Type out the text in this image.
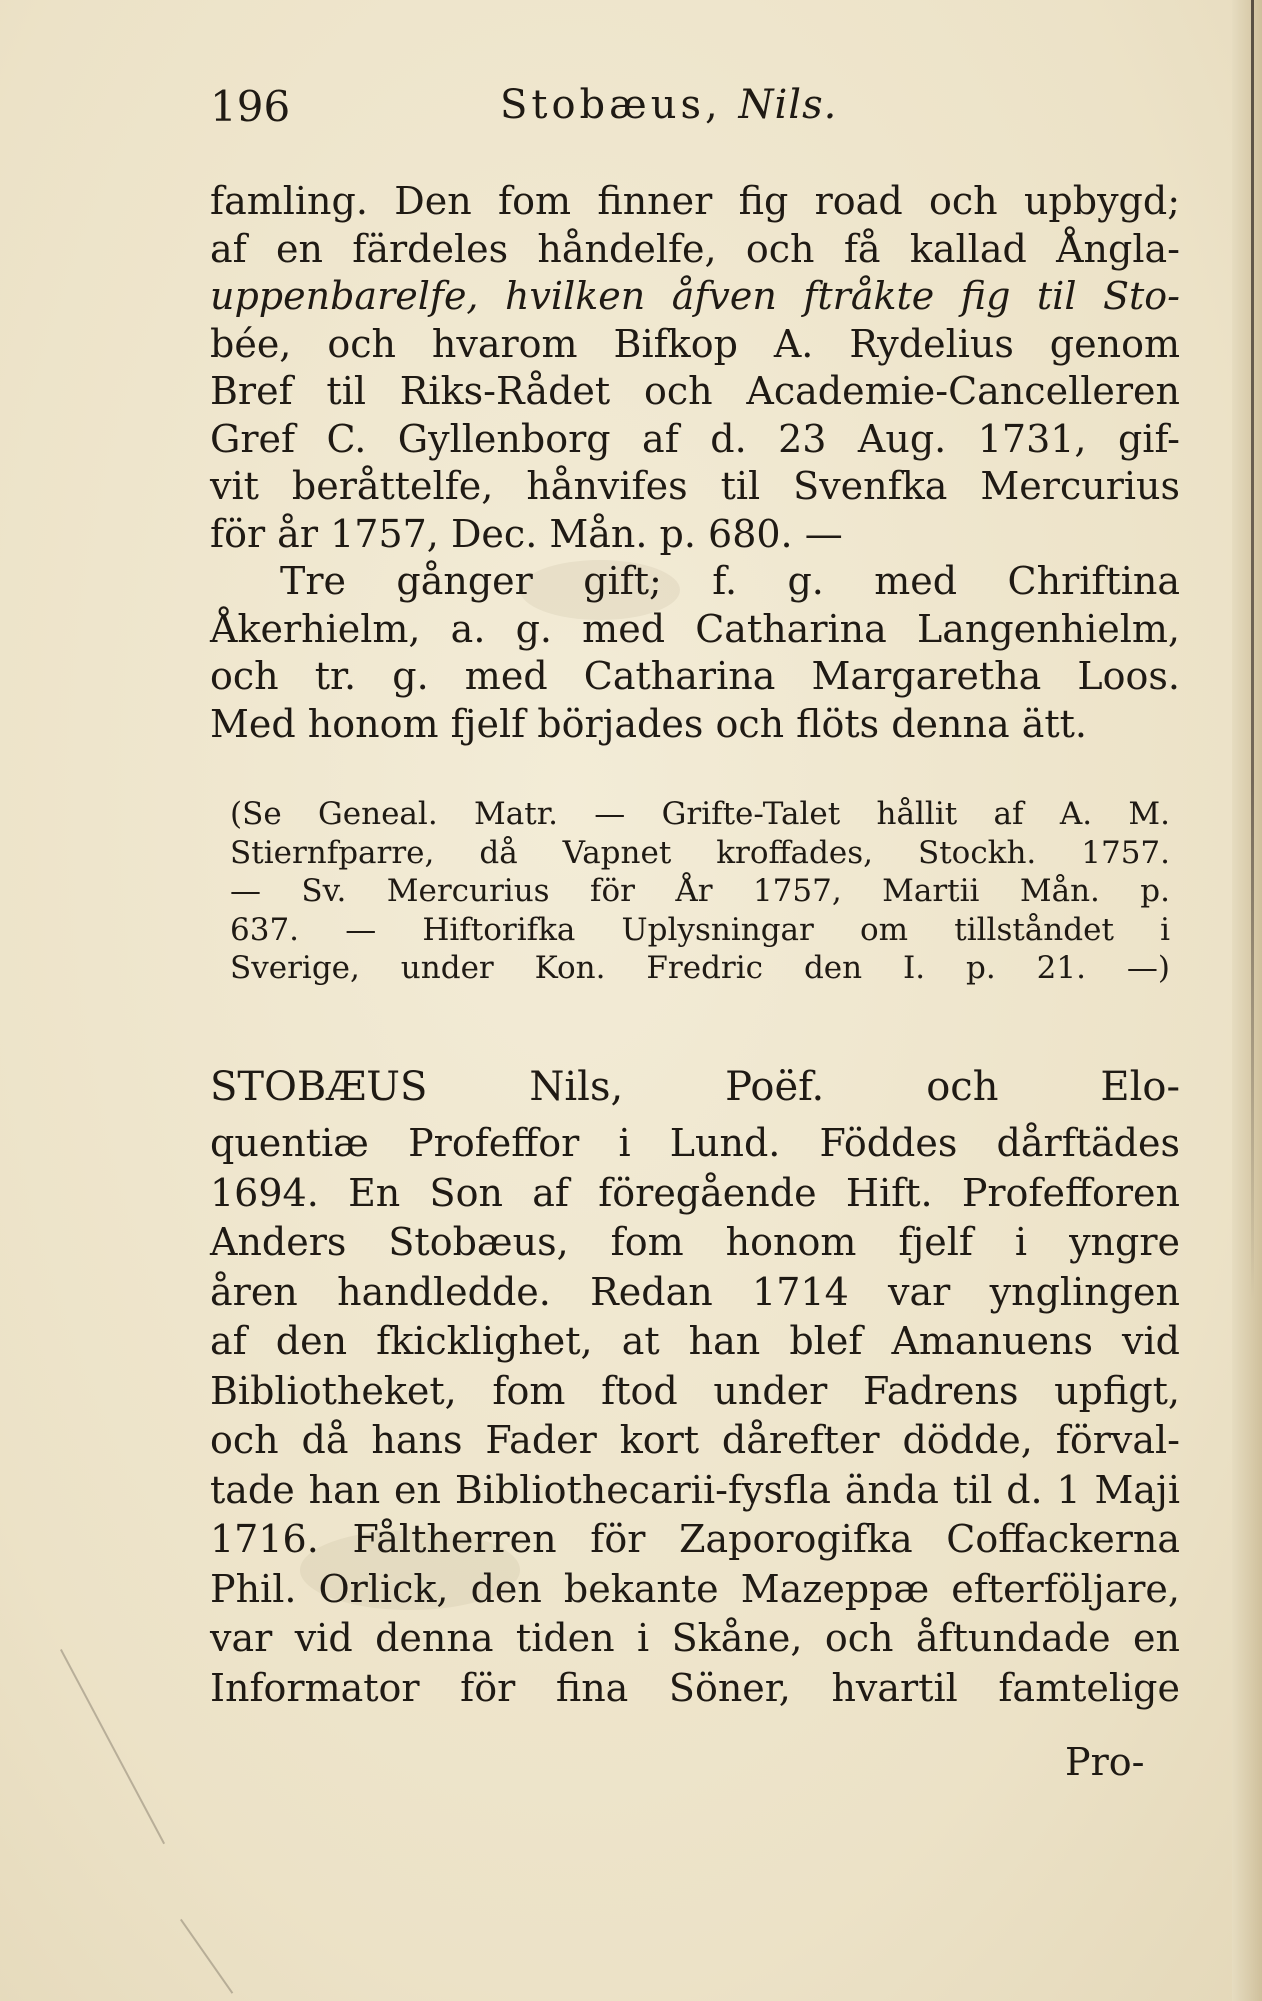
196	Stobæus, Nils.
famling. Den fom finner fig road och upbygd;
af en färdeles håndelfe, och få kallad Ångla-
uppenbarelfe, hvilken åfven ftråkte fig til Sto-
bée, och hvarom Bifkop A. Rydelius genom
Bref til Riks-Rådet och Academie-Cancelleren
Gref C. Gyllenborg af d. 23 Aug. 1731, gif-
vit beråttelfe, hånvifes til Svenfka Mercurius
för år 1757, Dec. Mån. p. 680. —
Tre gånger gift; f. g. med Chriftina
Åkerhielm, a. g. med Catharina Langenhielm,
och tr. g. med Catharina Margaretha Loos.
Med honom fjelf börjades och flöts denna ätt.
(Se Geneal. Matr. — Grifte-Talet hållit af A. M.
Stiernfparre, då Vapnet kroffades, Stockh. 1757.
— Sv. Mercurius för År 1757, Martii Mån. p.
637. — Hiftorifka Uplysningar om tillståndet i
Sverige, under Kon. Fredric den I. p. 21. —)
STOBÆUS Nils, Poëf. och Elo-
quentiæ Profeffor i Lund. Föddes dårftädes
1694. En Son af föregående Hift. Profefforen
Anders Stobæus, fom honom fjelf i yngre
åren handledde. Redan 1714 var ynglingen
af den fkicklighet, at han blef Amanuens vid
Bibliotheket, fom ftod under Fadrens upfigt,
och då hans Fader kort dårefter dödde, förval-
tade han en Bibliothecarii-fysfla ända til d. 1 Maji
1716. Fåltherren för Zaporogifka Coffackerna
Phil. Orlick, den bekante Mazeppæ efterföljare,
var vid denna tiden i Skåne, och åftundade en
Informator för fina Söner, hvartil famtelige
Pro-
